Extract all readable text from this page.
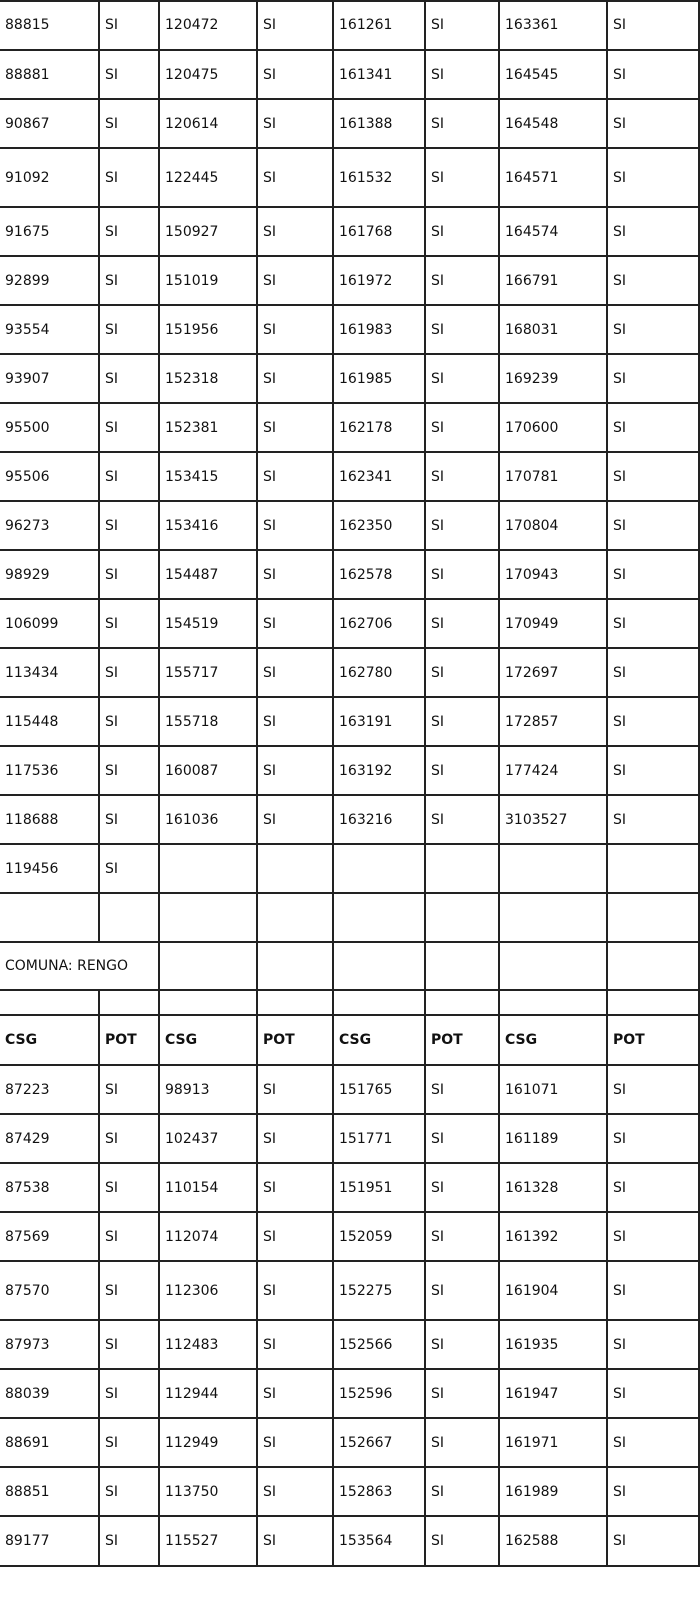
88815	SI	120472	SI	161261	SI	163361	SI
88881	SI	120475	SI	161341	SI	164545	SI
90867	SI	120614	SI	161388	SI	164548	SI
91092	SI	122445	SI	161532	SI	164571	SI
91675	SI	150927	SI	161768	SI	164574	SI
92899	SI	151019	SI	161972	SI	166791	SI
93554	SI	151956	SI	161983	SI	168031	SI
93907	SI	152318	SI	161985	SI	169239	SI
95500	SI	152381	SI	162178	SI	170600	SI
95506	SI	153415	SI	162341	SI	170781	SI
96273	SI	153416	SI	162350	SI	170804	SI
98929	SI	154487	SI	162578	SI	170943	SI
106099	SI	154519	SI	162706	SI	170949	SI
113434	SI	155717	SI	162780	SI	172697	SI
115448	SI	155718	SI	163191	SI	172857	SI
117536	SI	160087	SI	163192	SI	177424	SI
118688	SI	161036	SI	163216	SI	3103527	SI
119456	SI
COMUNA: RENGO
CSG	POT	CSG	POT	CSG	POT	CSG	POT
87223	SI	98913	SI	151765	SI	161071	SI
87429	SI	102437	SI	151771	SI	161189	SI
87538	SI	110154	SI	151951	SI	161328	SI
87569	SI	112074	SI	152059	SI	161392	SI
87570	SI	112306	SI	152275	SI	161904	SI
87973	SI	112483	SI	152566	SI	161935	SI
88039	SI	112944	SI	152596	SI	161947	SI
88691	SI	112949	SI	152667	SI	161971	SI
88851	SI	113750	SI	152863	SI	161989	SI
89177	SI	115527	SI	153564	SI	162588	SI
